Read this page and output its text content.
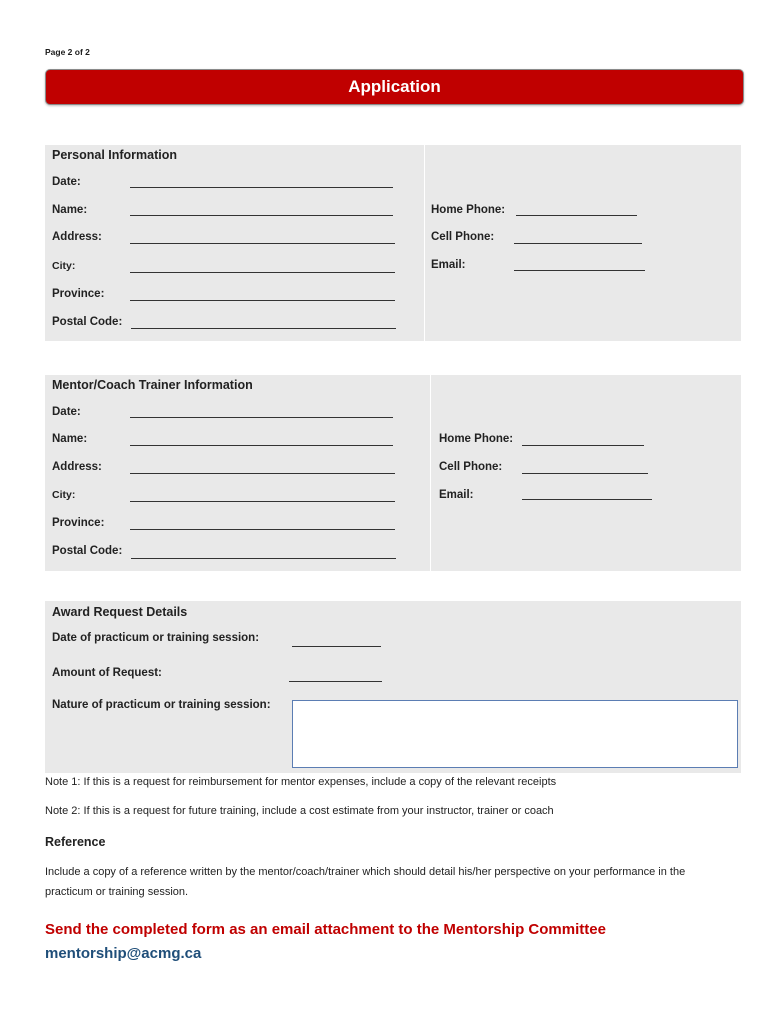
Page 2 of 2
Application
Personal Information
Date:
Name:
Address:
City:
Province:
Postal Code:
Home Phone:
Cell Phone:
Email:
Mentor/Coach Trainer Information
Date:
Name:
Address:
City:
Province:
Postal Code:
Home Phone:
Cell Phone:
Email:
Award Request Details
Date of practicum or training session:
Amount of Request:
Nature of practicum or training session:
Note 1: If this is a request for reimbursement for mentor expenses, include a copy of the relevant receipts
Note 2: If this is a request for future training, include a cost estimate from your instructor, trainer or coach
Reference
Include a copy of a reference written by the mentor/coach/trainer which should detail his/her perspective on your performance in the practicum or training session.
Send the completed form as an email attachment to the Mentorship Committee
mentorship@acmg.ca
